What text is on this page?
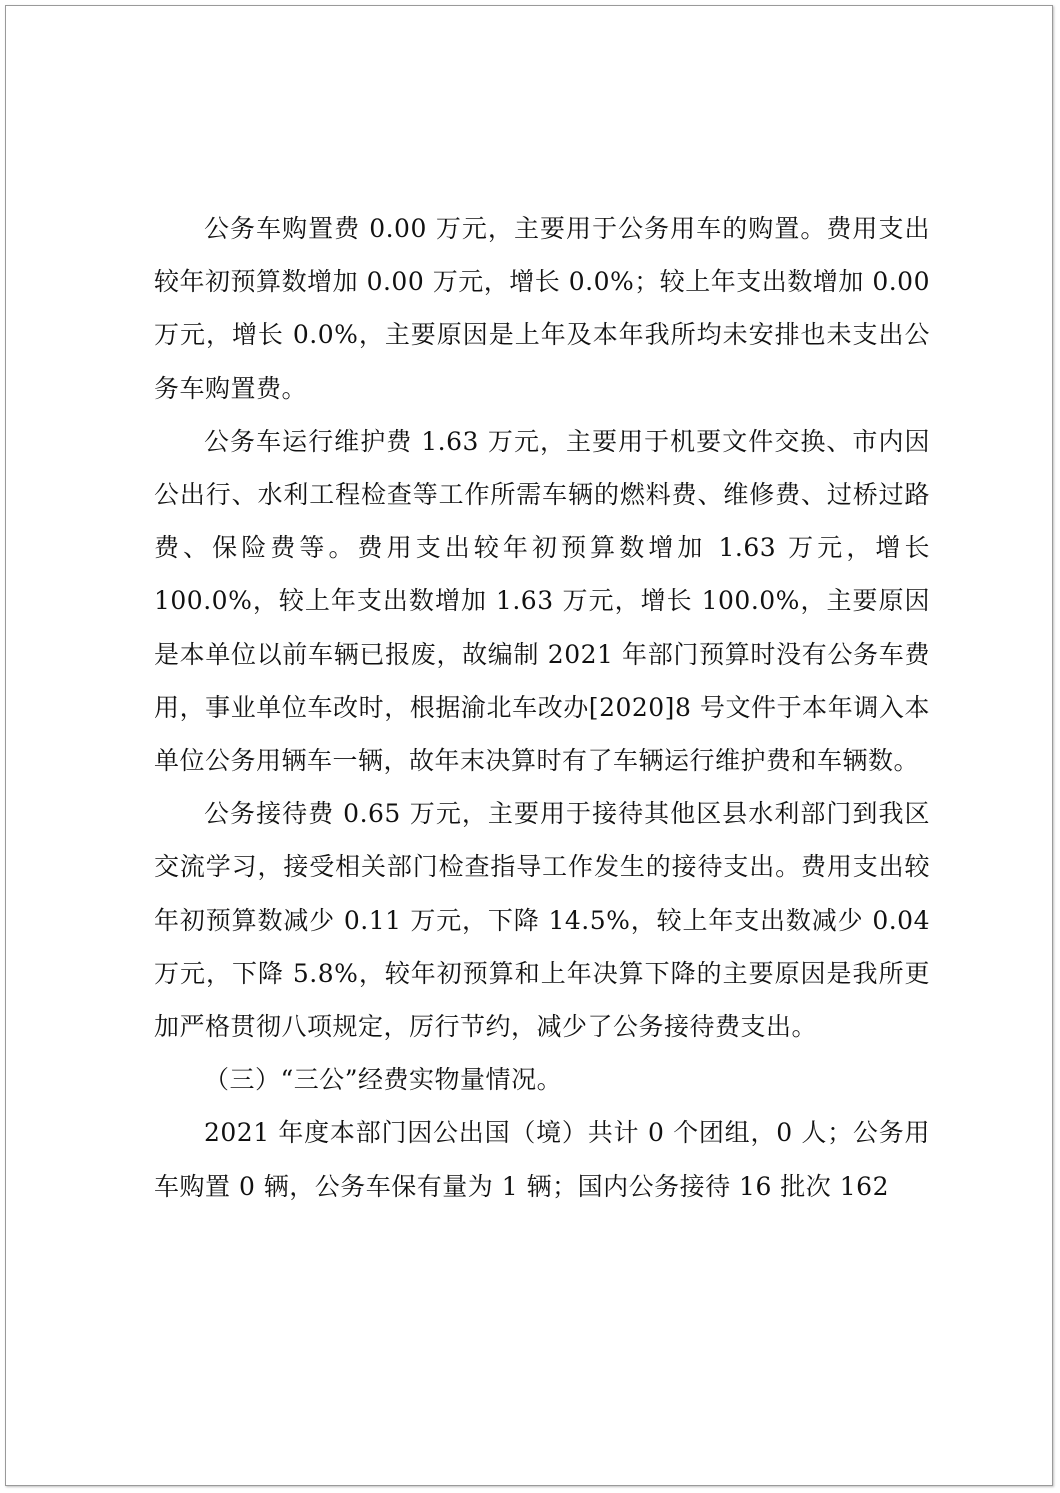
公务车购置费 0.00 万元，主要用于公务用车的购置。费用支出较年初预算数增加 0.00 万元，增长 0.0%；较上年支出数增加 0.00 万元，增长 0.0%，主要原因是上年及本年我所均未安排也未支出公务车购置费。

公务车运行维护费 1.63 万元，主要用于机要文件交换、市内因公出行、水利工程检查等工作所需车辆的燃料费、维修费、过桥过路费、保险费等。费用支出较年初预算数增加 1.63 万元，增长 100.0%，较上年支出数增加 1.63 万元，增长 100.0%，主要原因是本单位以前车辆已报废，故编制 2021 年部门预算时没有公务车费用，事业单位车改时，根据渝北车改办[2020]8 号文件于本年调入本单位公务用辆车一辆，故年末决算时有了车辆运行维护费和车辆数。

公务接待费 0.65 万元，主要用于接待其他区县水利部门到我区交流学习，接受相关部门检查指导工作发生的接待支出。费用支出较年初预算数减少 0.11 万元，下降 14.5%，较上年支出数减少 0.04 万元，下降 5.8%，较年初预算和上年决算下降的主要原因是我所更加严格贯彻八项规定，厉行节约，减少了公务接待费支出。

（三）“三公”经费实物量情况。

2021 年度本部门因公出国（境）共计 0 个团组，0 人；公务用车购置 0 辆，公务车保有量为 1 辆；国内公务接待 16 批次 162
